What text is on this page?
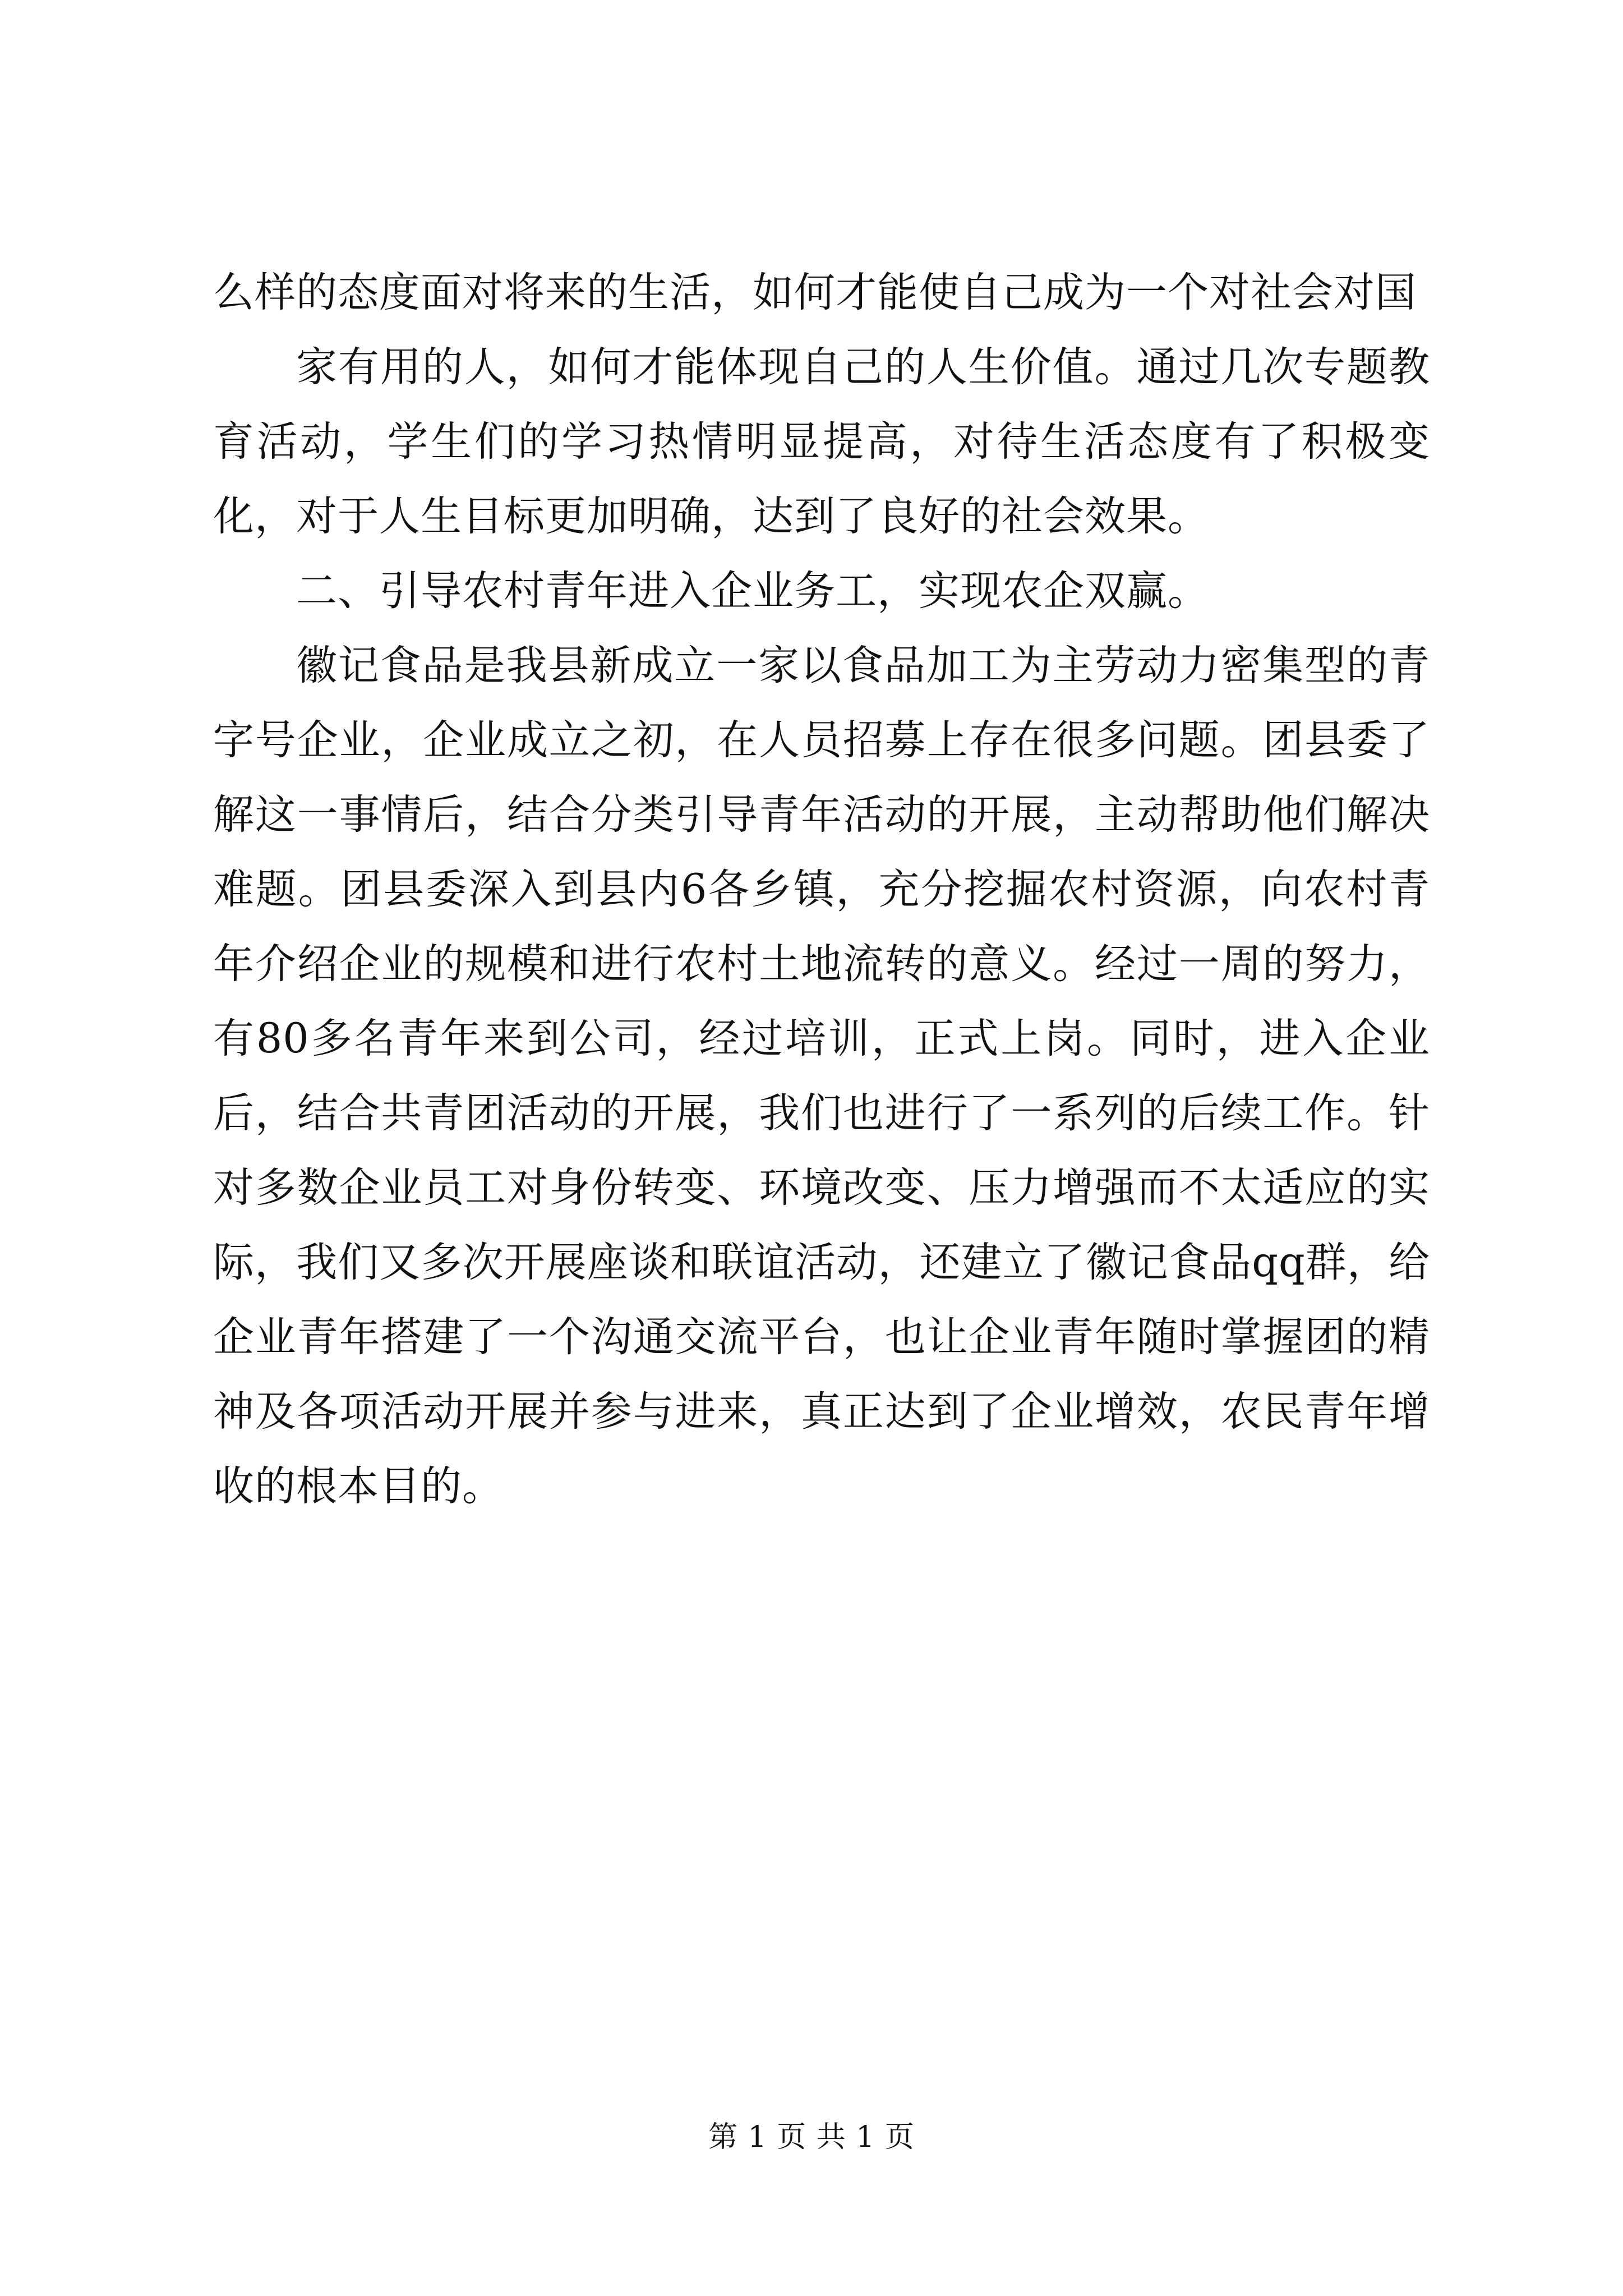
么样的态度面对将来的生活，如何才能使自己成为一个对社会对国

家有用的人，如何才能体现自己的人生价值。通过几次专题教育活动，学生们的学习热情明显提高，对待生活态度有了积极变化，对于人生目标更加明确，达到了良好的社会效果。

二、引导农村青年进入企业务工，实现农企双赢。

徽记食品是我县新成立一家以食品加工为主劳动力密集型的青字号企业，企业成立之初，在人员招募上存在很多问题。团县委了解这一事情后，结合分类引导青年活动的开展，主动帮助他们解决难题。团县委深入到县内6各乡镇，充分挖掘农村资源，向农村青年介绍企业的规模和进行农村土地流转的意义。经过一周的努力，有80多名青年来到公司，经过培训，正式上岗。同时，进入企业后，结合共青团活动的开展，我们也进行了一系列的后续工作。针对多数企业员工对身份转变、环境改变、压力增强而不太适应的实际，我们又多次开展座谈和联谊活动，还建立了徽记食品qq群，给企业青年搭建了一个沟通交流平台，也让企业青年随时掌握团的精神及各项活动开展并参与进来，真正达到了企业增效，农民青年增收的根本目的。

第 1 页 共 1 页
